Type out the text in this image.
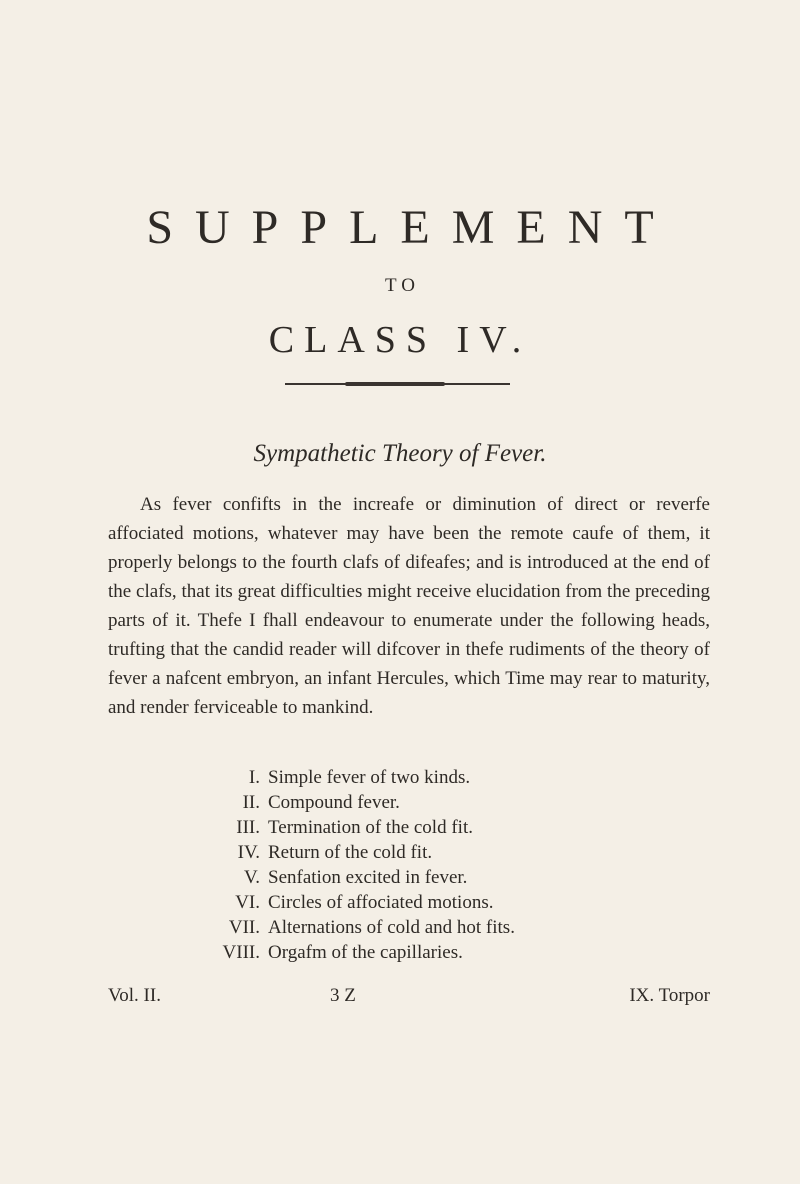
SUPPLEMENT
TO
CLASS IV.
Sympathetic Theory of Fever.

As fever confifts in the increafe or diminution of direct or reverfe affociated motions, whatever may have been the remote caufe of them, it properly belongs to the fourth clafs of difeafes; and is introduced at the end of the clafs, that its great difficulties might receive elucidation from the preceding parts of it. Thefe I fhall endeavour to enumerate under the following heads, trufting that the candid reader will difcover in thefe rudiments of the theory of fever a nafcent embryon, an infant Hercules, which Time may rear to maturity, and render ferviceable to mankind.

I. Simple fever of two kinds.
II. Compound fever.
III. Termination of the cold fit.
IV. Return of the cold fit.
V. Senfation excited in fever.
VI. Circles of affociated motions.
VII. Alternations of cold and hot fits.
VIII. Orgafm of the capillaries.
Vol. II.	3 Z	IX. Torpor
